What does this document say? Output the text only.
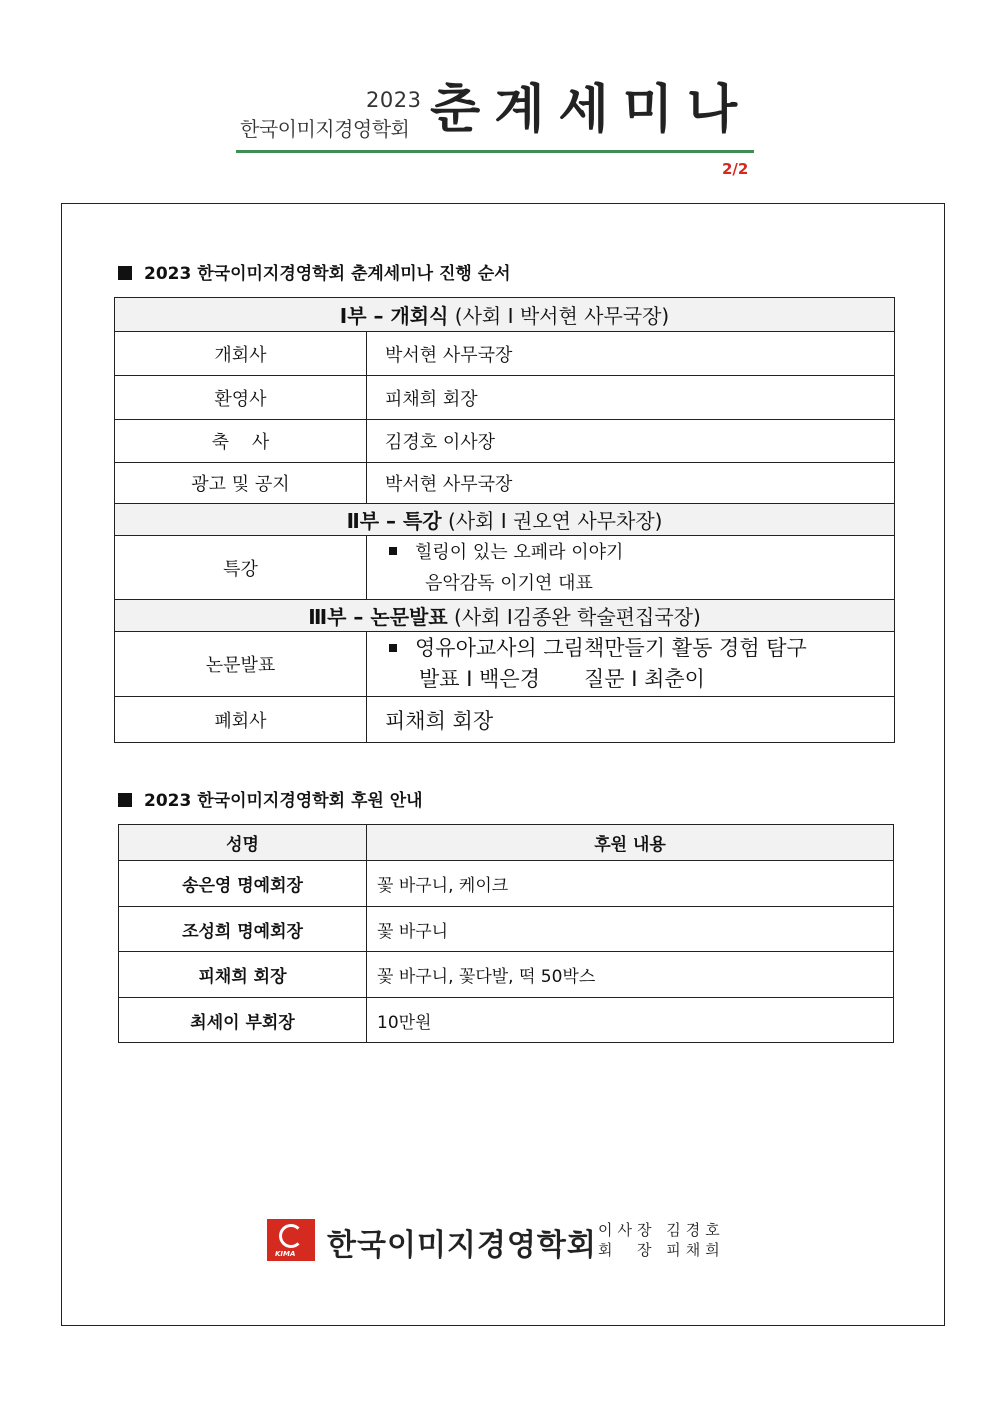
2023
한국이미지경영학회 춘계세미나
2/2
2023 한국이미지경영학회 춘계세미나 진행 순서
Ⅰ부 – 개회식 (사회 I 박서현 사무국장)	
개회사	박서현 사무국장
환영사	피채희 회장
축    사	김경호 이사장
광고 및 공지	박서현 사무국장
Ⅱ부 – 특강 (사회 I 권오연 사무차장)	
특강	힐링이 있는 오페라 이야기
음악감독 이기연 대표

Ⅲ부 – 논문발표 (사회 I김종완 학술편집국장)	
논문발표	영유아교사의 그림책만들기 활동 경험 탐구
발표 I 백은경 질문 I 최춘이

폐회사	피채희 회장
2023 한국이미지경영학회 후원 안내
성명	후원 내용
송은영 명예회장	꽃 바구니, 케이크
조성희 명예회장	꽃 바구니
피채희 회장	꽃 바구니, 꽃다발, 떡 50박스
최세이 부회장	10만원
KIMA 한국이미지경영학회 이사장 김경호
회  장 피채희
